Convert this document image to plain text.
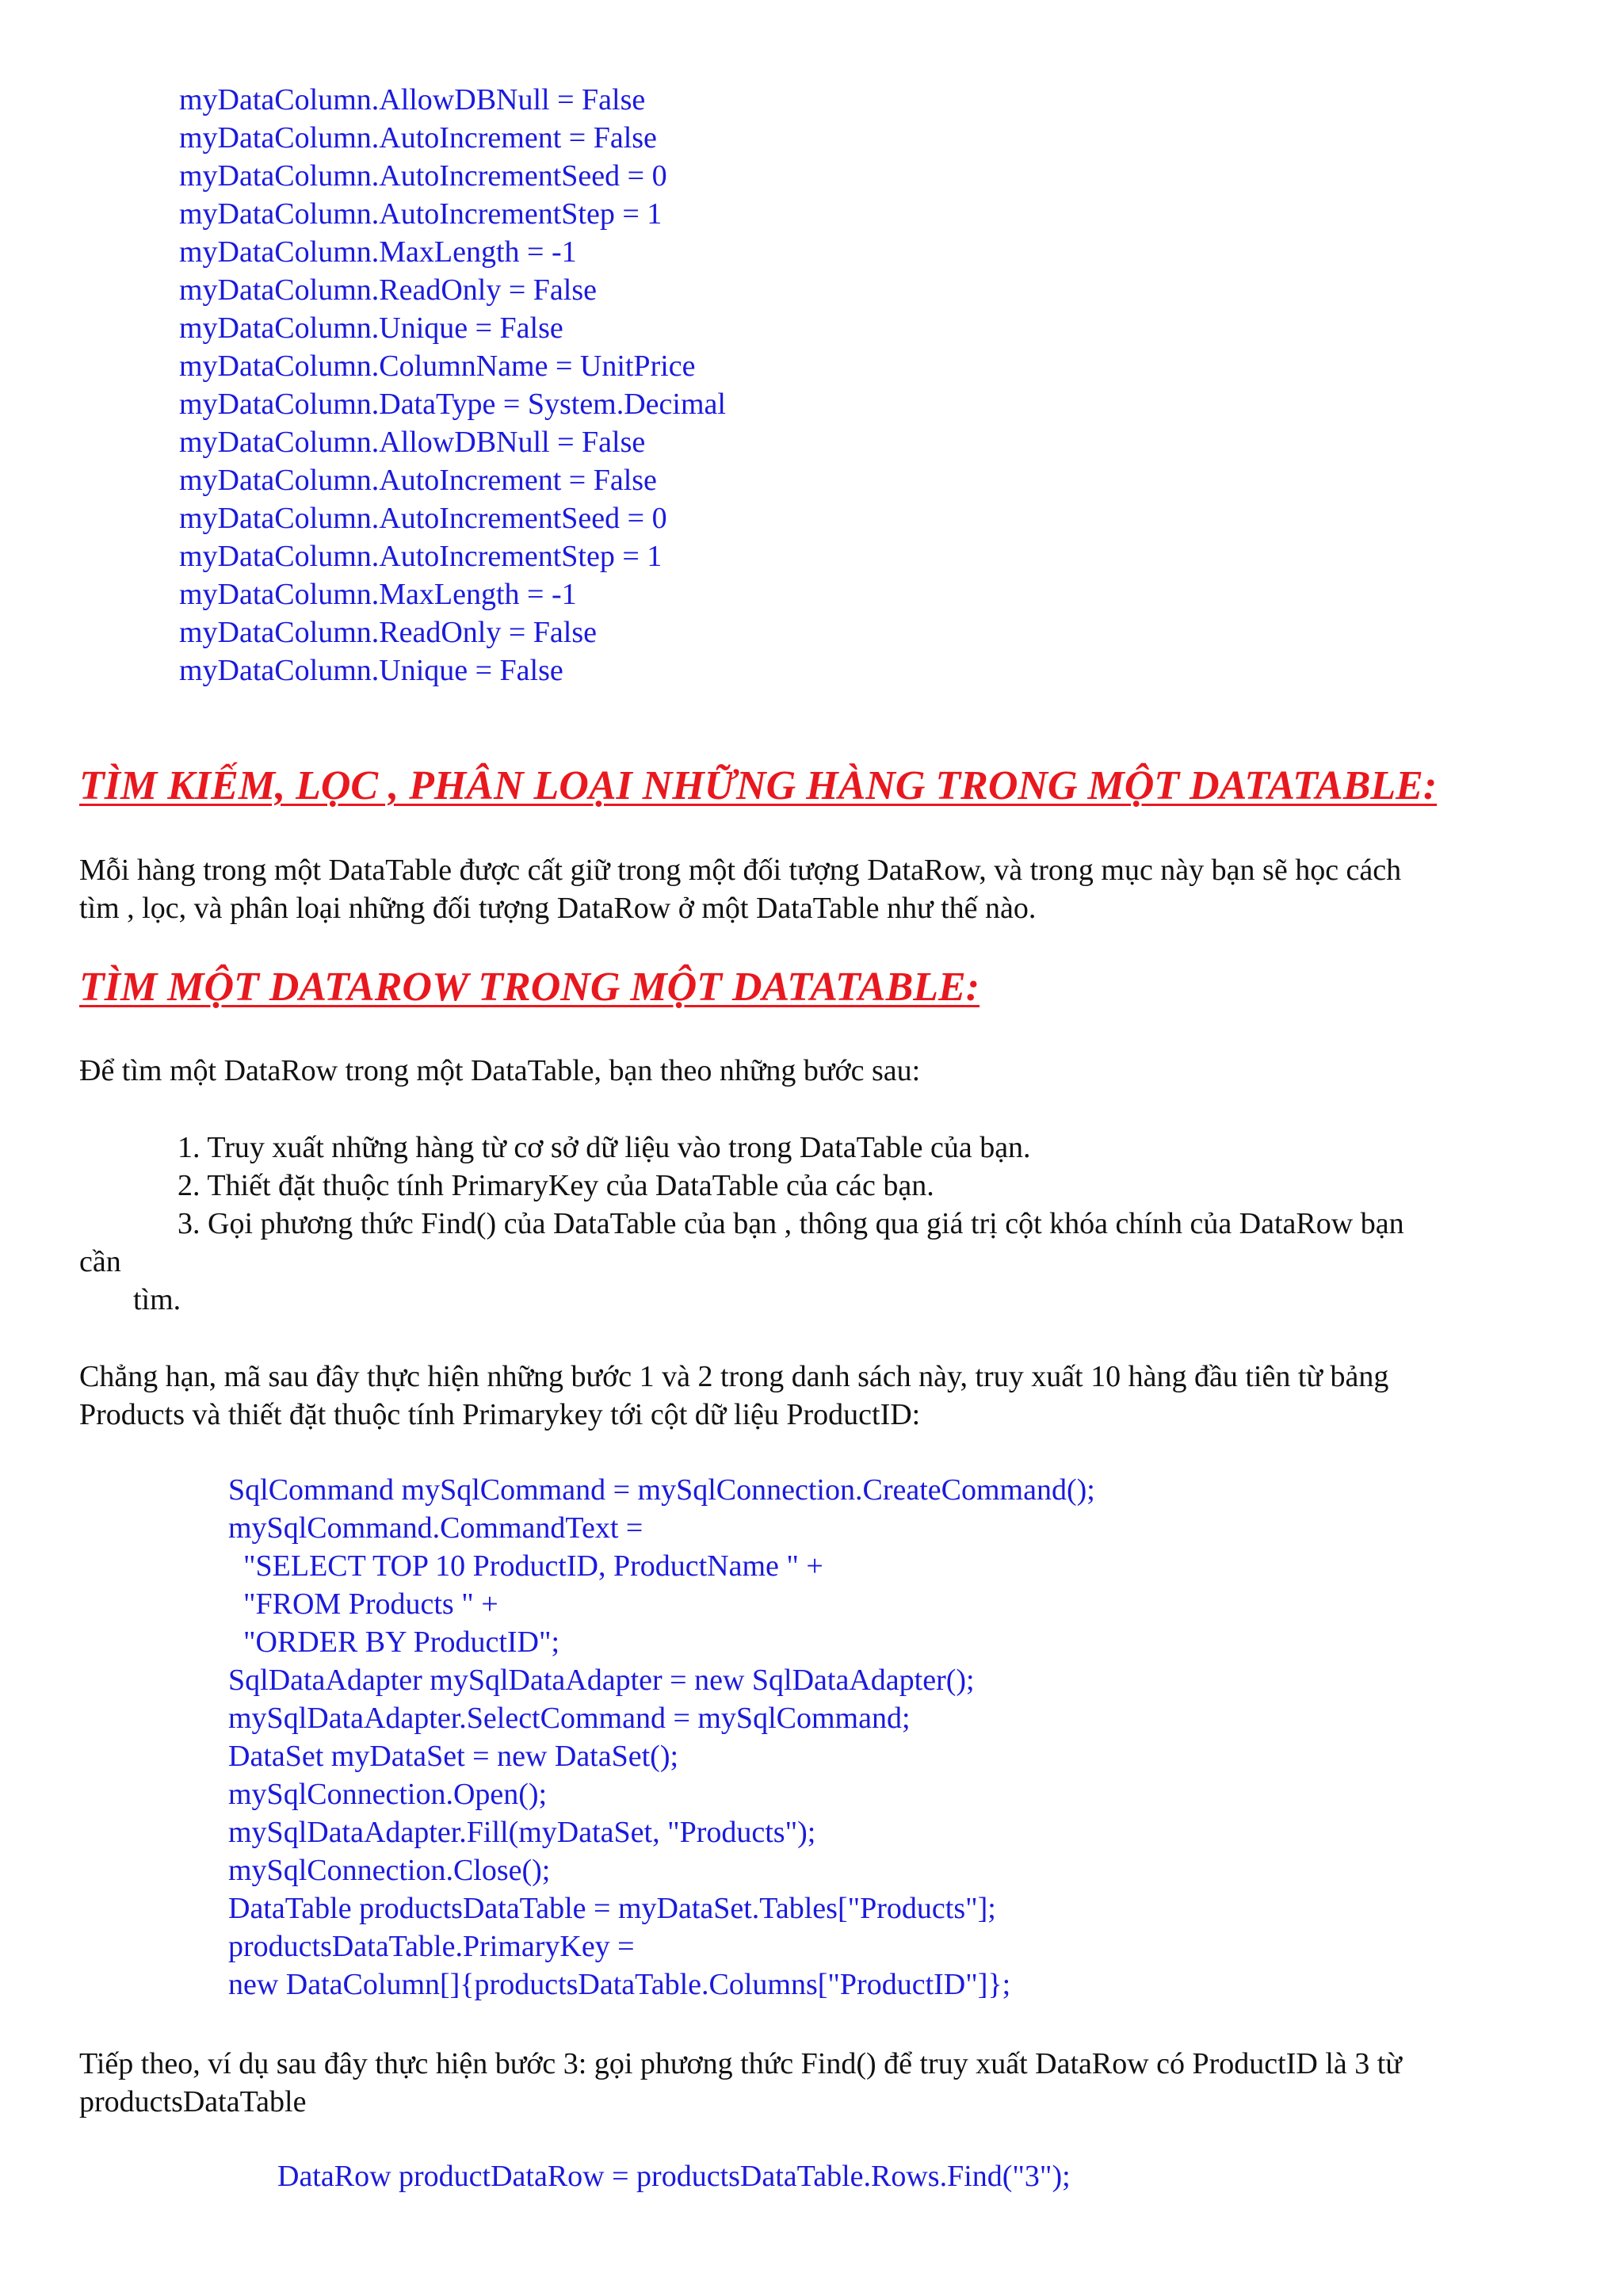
myDataColumn.AllowDBNull = False
myDataColumn.AutoIncrement = False
myDataColumn.AutoIncrementSeed = 0
myDataColumn.AutoIncrementStep = 1
myDataColumn.MaxLength = -1
myDataColumn.ReadOnly = False
myDataColumn.Unique = False
myDataColumn.ColumnName = UnitPrice
myDataColumn.DataType = System.Decimal
myDataColumn.AllowDBNull = False
myDataColumn.AutoIncrement = False
myDataColumn.AutoIncrementSeed = 0
myDataColumn.AutoIncrementStep = 1
myDataColumn.MaxLength = -1
myDataColumn.ReadOnly = False
myDataColumn.Unique = False
TÌM KIẾM, LỌC , PHÂN LOẠI NHỮNG HÀNG TRONG MỘT DATATABLE:
Mỗi hàng trong một DataTable được cất giữ trong một đối tượng DataRow, và trong mục này bạn sẽ học cách
tìm , lọc, và phân loại những đối tượng DataRow ở một DataTable như thế nào.
TÌM MỘT DATAROW TRONG MỘT DATATABLE:
Để tìm một DataRow trong một DataTable, bạn theo những bước sau:
1. Truy xuất những hàng từ cơ sở dữ liệu vào trong DataTable của bạn.
2. Thiết đặt thuộc tính PrimaryKey của DataTable của các bạn.
3. Gọi phương thức Find() của DataTable của bạn , thông qua giá trị cột khóa chính của DataRow bạn
cần
tìm.
Chẳng hạn, mã sau đây thực hiện những bước 1 và 2 trong danh sách này, truy xuất 10 hàng đầu tiên từ bảng
Products và thiết đặt thuộc tính Primarykey tới cột dữ liệu ProductID:
SqlCommand mySqlCommand = mySqlConnection.CreateCommand();
mySqlCommand.CommandText =
"SELECT TOP 10 ProductID, ProductName " +
"FROM Products " +
"ORDER BY ProductID";
SqlDataAdapter mySqlDataAdapter = new SqlDataAdapter();
mySqlDataAdapter.SelectCommand = mySqlCommand;
DataSet myDataSet = new DataSet();
mySqlConnection.Open();
mySqlDataAdapter.Fill(myDataSet, "Products");
mySqlConnection.Close();
DataTable productsDataTable = myDataSet.Tables["Products"];
productsDataTable.PrimaryKey =
new DataColumn[]{productsDataTable.Columns["ProductID"]};
Tiếp theo, ví dụ sau đây thực hiện bước 3: gọi phương thức Find() để truy xuất DataRow có ProductID là 3 từ
productsDataTable
DataRow productDataRow = productsDataTable.Rows.Find("3");
